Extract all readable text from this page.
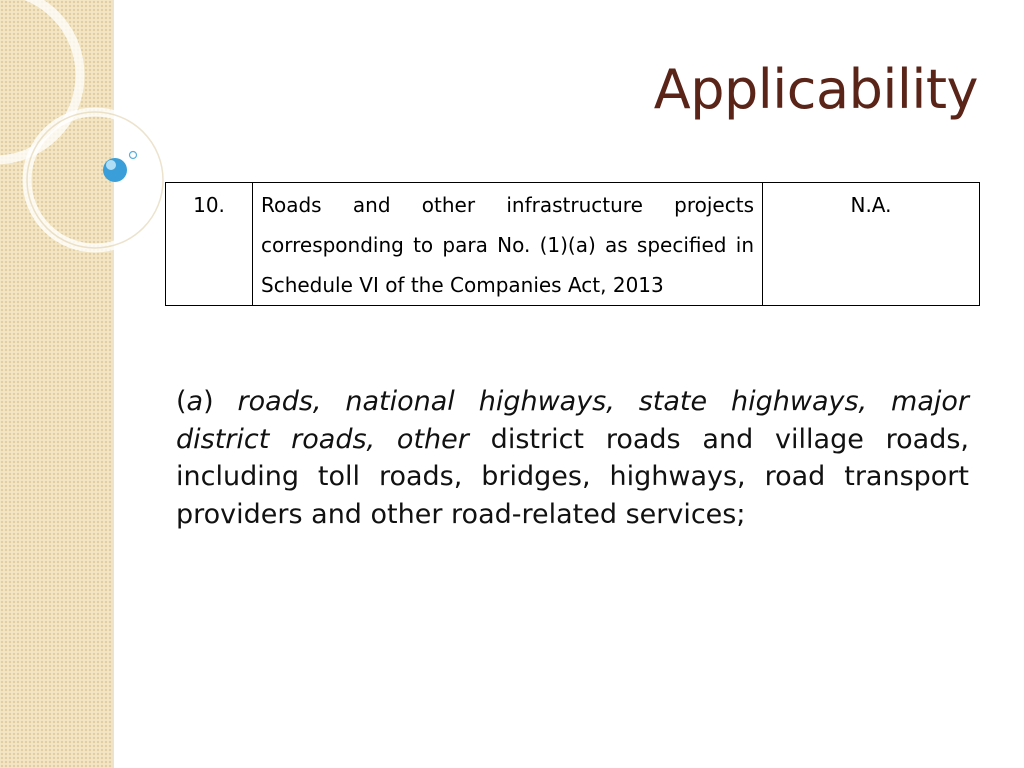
Applicability
10.	Roads and other infrastructure projects corresponding to para No. (1)(a) as specified in Schedule VI of the Companies Act, 2013	N.A.
(a) roads, national highways, state highways, major district roads, other district roads and village roads, including toll roads, bridges, highways, road transport providers and other road-related services;
